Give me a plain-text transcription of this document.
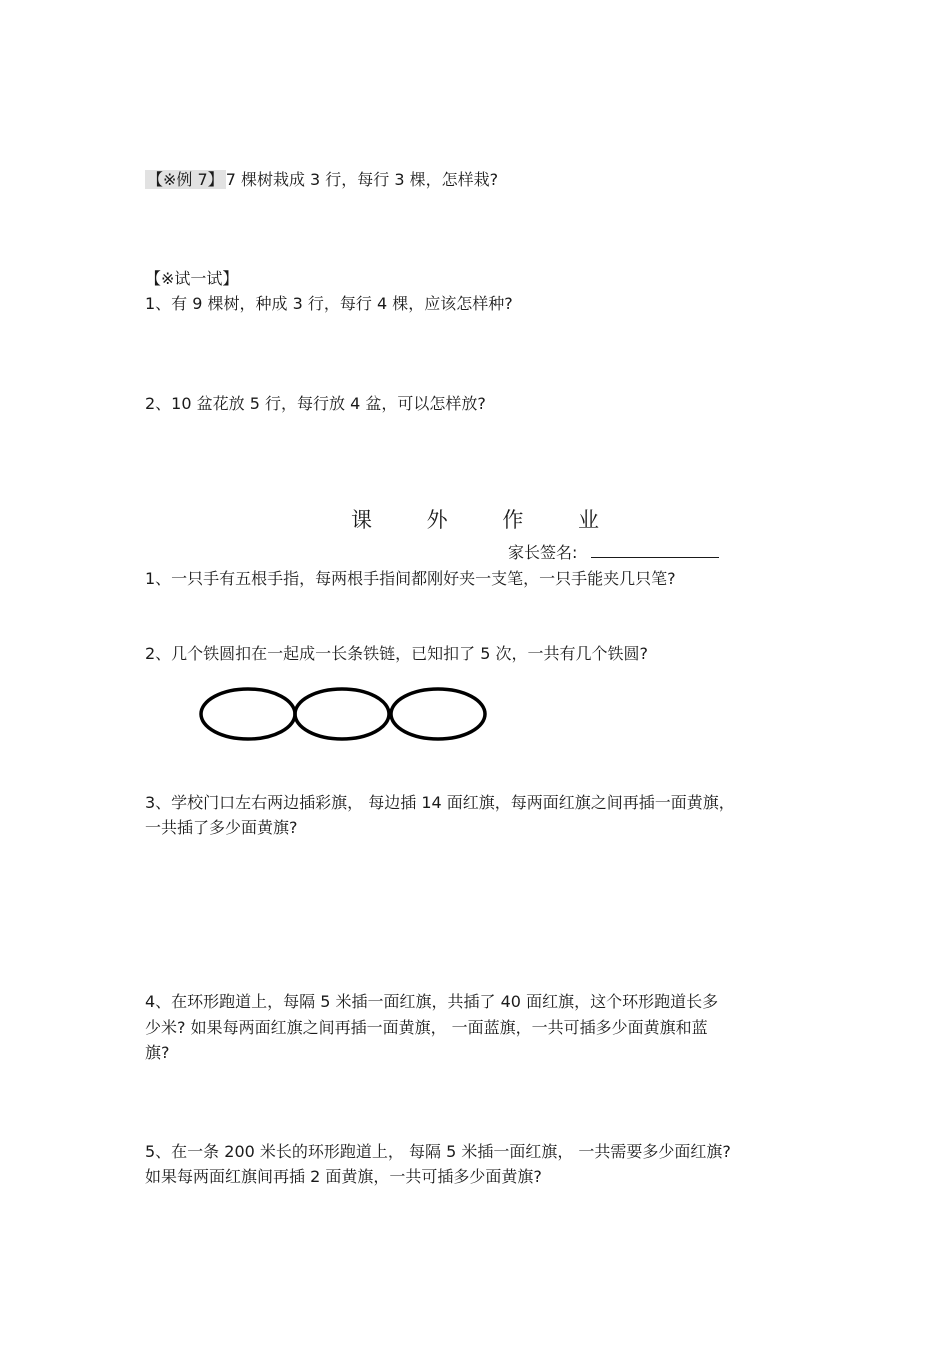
【※例 7】 7 棵树栽成 3 行，每行 3 棵，怎样栽?
【※试一试】
1、有 9 棵树，种成 3 行，每行 4 棵，应该怎样种?
2、10 盆花放 5 行，每行放 4 盆，可以怎样放?
课 外 作 业
家长签名:
1、一只手有五根手指，每两根手指间都刚好夹一支笔，一只手能夹几只笔?
2、几个铁圆扣在一起成一长条铁链，已知扣了 5 次，一共有几个铁圆?
3、学校门口左右两边插彩旗， 每边插 14 面红旗，每两面红旗之间再插一面黄旗，
一共插了多少面黄旗?
4、在环形跑道上，每隔 5 米插一面红旗，共插了 40 面红旗，这个环形跑道长多
少米? 如果每两面红旗之间再插一面黄旗， 一面蓝旗，一共可插多少面黄旗和蓝
旗?
5、在一条 200 米长的环形跑道上， 每隔 5 米插一面红旗， 一共需要多少面红旗?
如果每两面红旗间再插 2 面黄旗，一共可插多少面黄旗?
